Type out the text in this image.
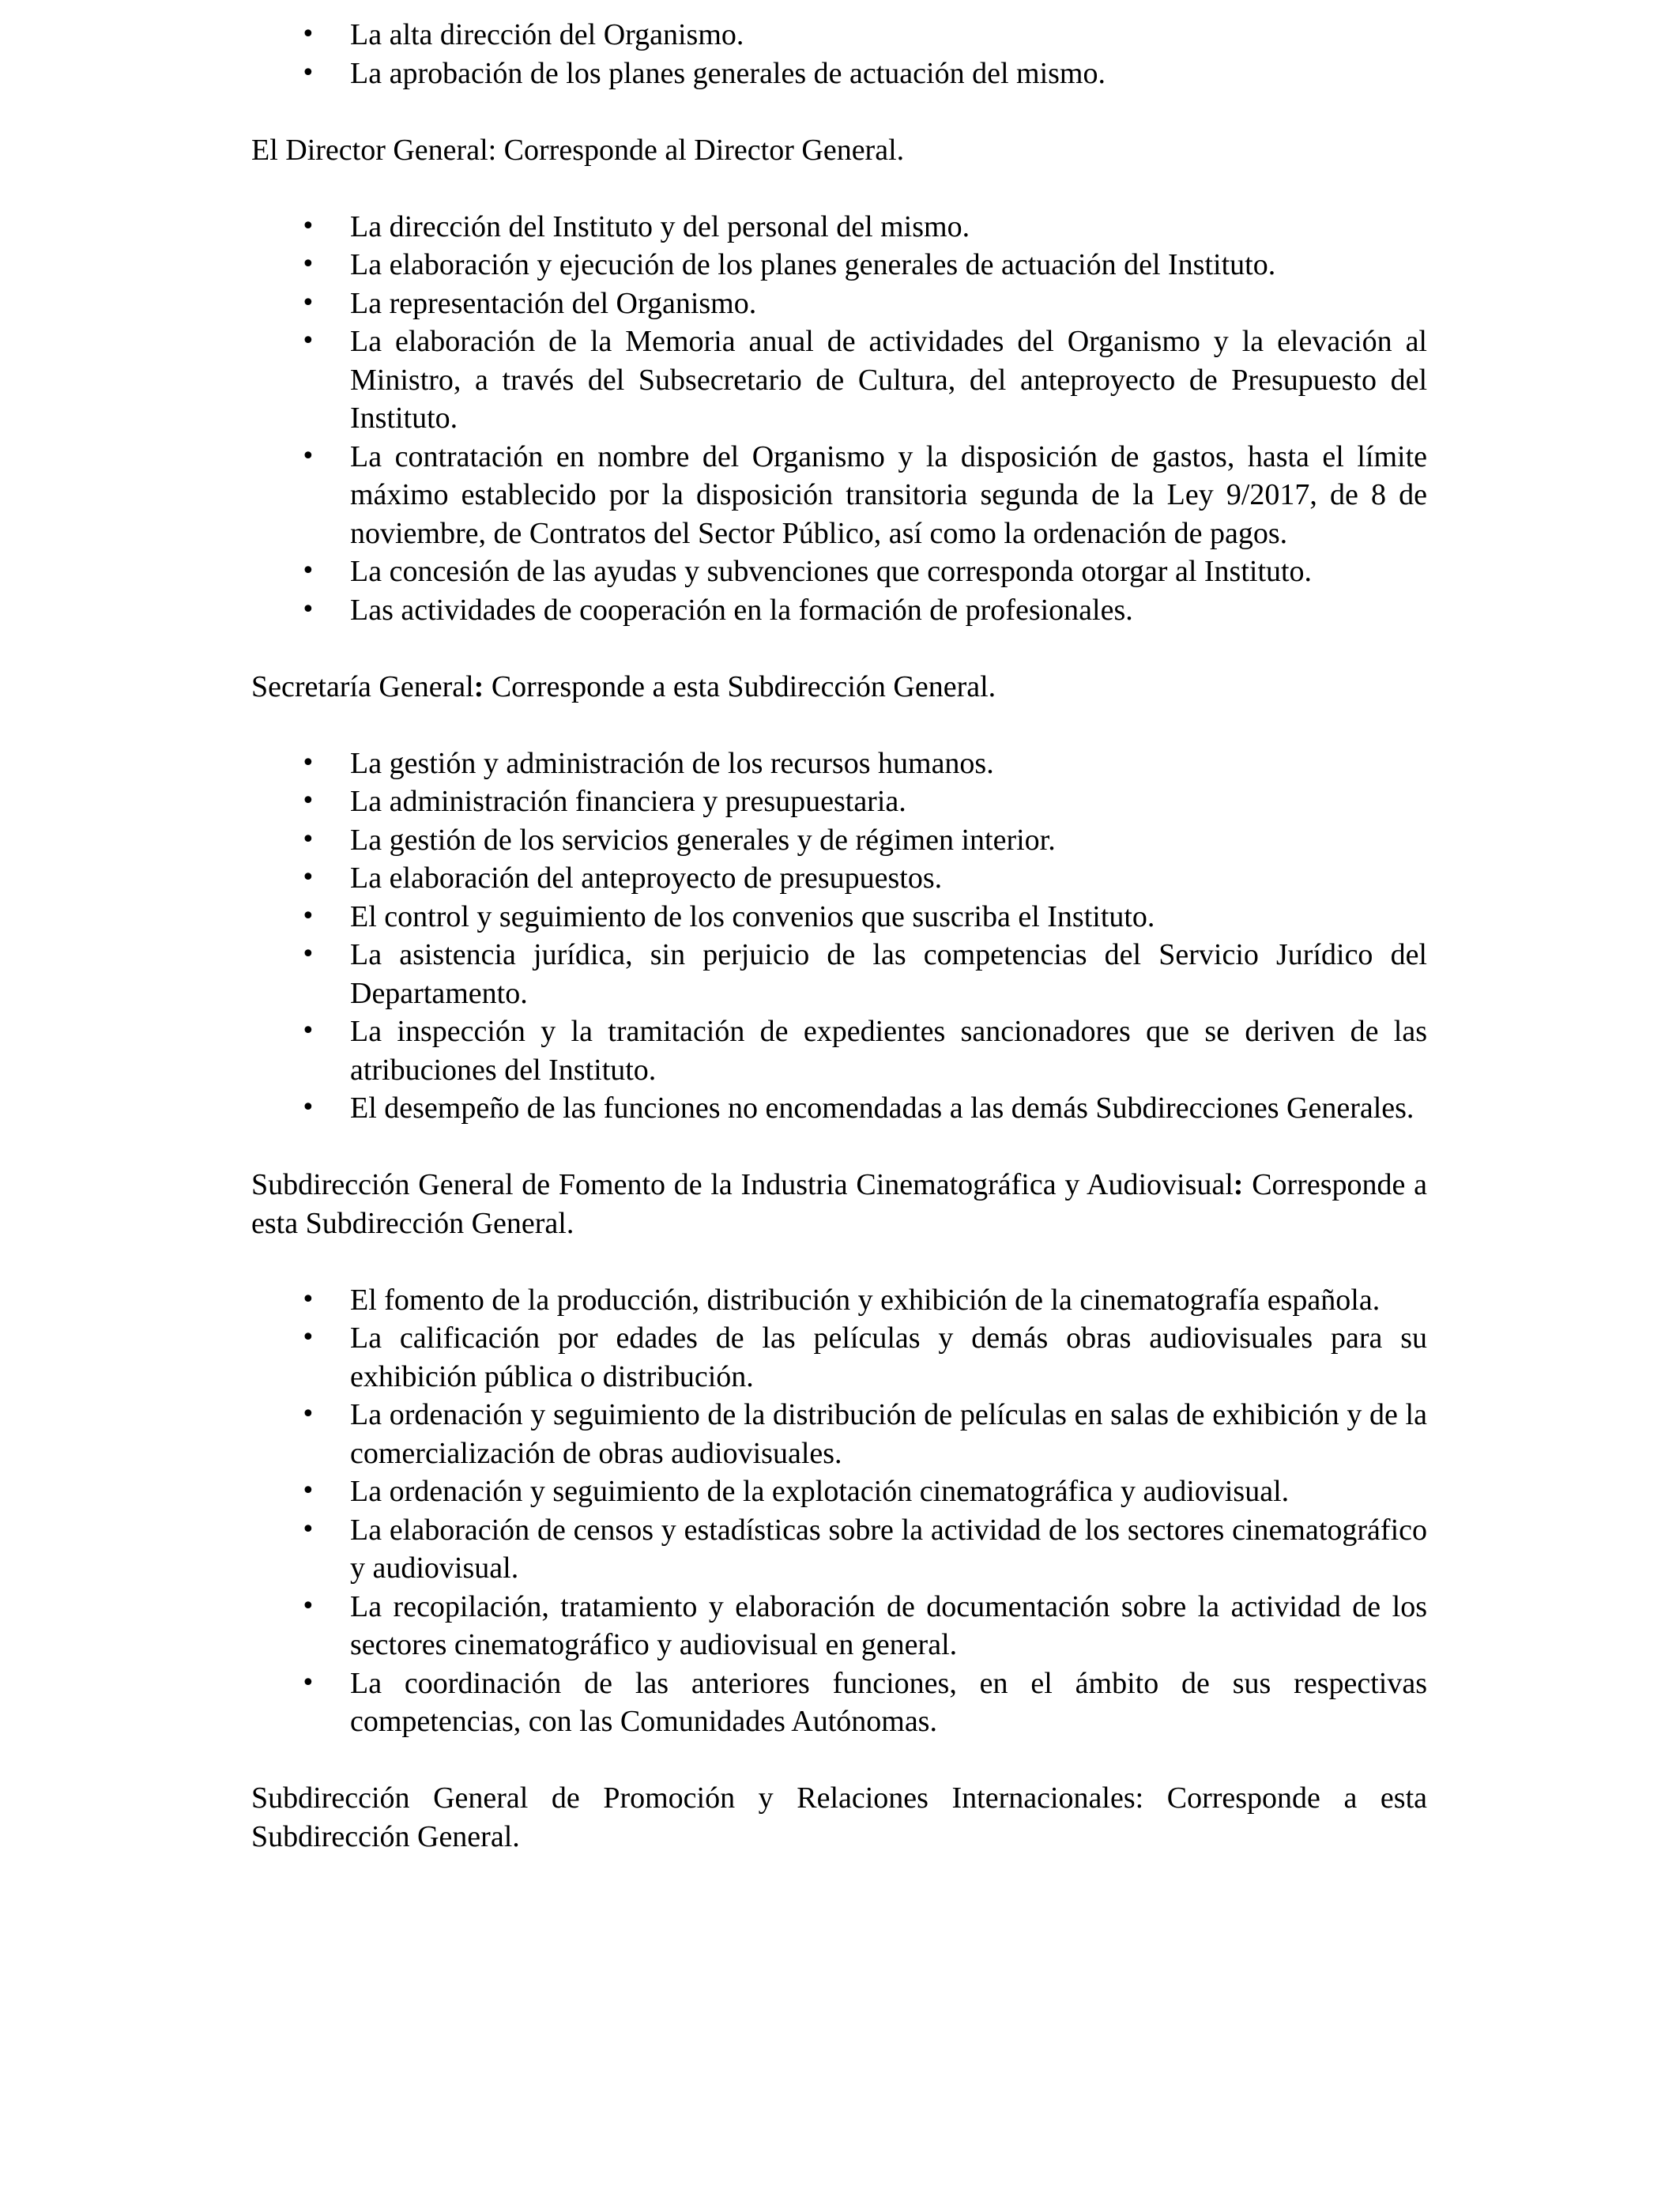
• La alta dirección del Organismo.
• La aprobación de los planes generales de actuación del mismo.

El Director General: Corresponde al Director General.

• La dirección del Instituto y del personal del mismo.
• La elaboración y ejecución de los planes generales de actuación del Instituto.
• La representación del Organismo.
• La elaboración de la Memoria anual de actividades del Organismo y la elevación al Ministro, a través del Subsecretario de Cultura, del anteproyecto de Presupuesto del Instituto.
• La contratación en nombre del Organismo y la disposición de gastos, hasta el límite máximo establecido por la disposición transitoria segunda de la Ley 9/2017, de 8 de noviembre, de Contratos del Sector Público, así como la ordenación de pagos.
• La concesión de las ayudas y subvenciones que corresponda otorgar al Instituto.
• Las actividades de cooperación en la formación de profesionales.

Secretaría General: Corresponde a esta Subdirección General.

• La gestión y administración de los recursos humanos.
• La administración financiera y presupuestaria.
• La gestión de los servicios generales y de régimen interior.
• La elaboración del anteproyecto de presupuestos.
• El control y seguimiento de los convenios que suscriba el Instituto.
• La asistencia jurídica, sin perjuicio de las competencias del Servicio Jurídico del Departamento.
• La inspección y la tramitación de expedientes sancionadores que se deriven de las atribuciones del Instituto.
• El desempeño de las funciones no encomendadas a las demás Subdirecciones Generales.

Subdirección General de Fomento de la Industria Cinematográfica y Audiovisual: Corresponde a esta Subdirección General.

• El fomento de la producción, distribución y exhibición de la cinematografía española.
• La calificación por edades de las películas y demás obras audiovisuales para su exhibición pública o distribución.
• La ordenación y seguimiento de la distribución de películas en salas de exhibición y de la comercialización de obras audiovisuales.
• La ordenación y seguimiento de la explotación cinematográfica y audiovisual.
• La elaboración de censos y estadísticas sobre la actividad de los sectores cinematográfico y audiovisual.
• La recopilación, tratamiento y elaboración de documentación sobre la actividad de los sectores cinematográfico y audiovisual en general.
• La coordinación de las anteriores funciones, en el ámbito de sus respectivas competencias, con las Comunidades Autónomas.

Subdirección General de Promoción y Relaciones Internacionales: Corresponde a esta Subdirección General.
